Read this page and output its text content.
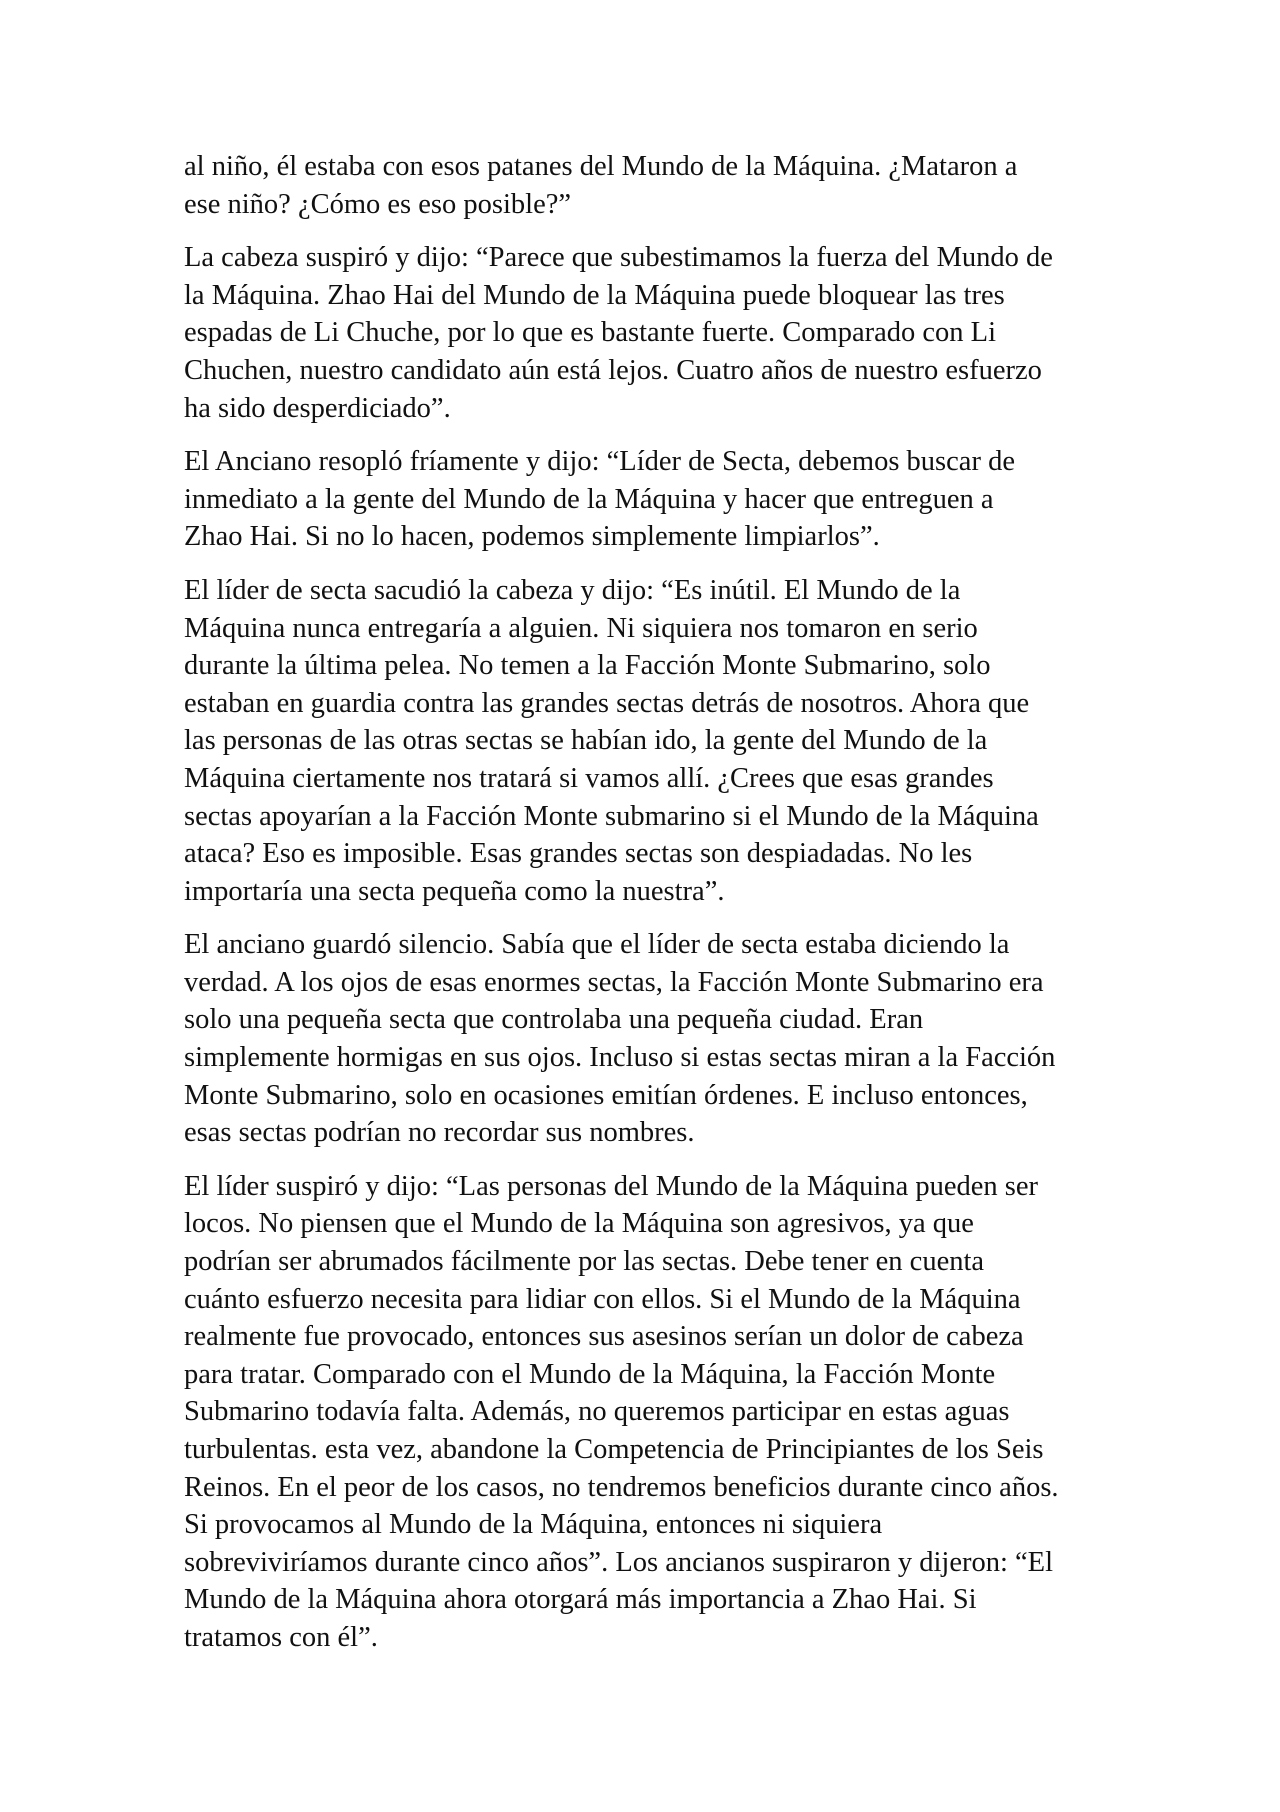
al niño, él estaba con esos patanes del Mundo de la Máquina. ¿Mataron a
ese niño? ¿Cómo es eso posible?”

La cabeza suspiró y dijo: “Parece que subestimamos la fuerza del Mundo de
la Máquina. Zhao Hai del Mundo de la Máquina puede bloquear las tres
espadas de Li Chuche, por lo que es bastante fuerte. Comparado con Li
Chuchen, nuestro candidato aún está lejos. Cuatro años de nuestro esfuerzo
ha sido desperdiciado”.

El Anciano resopló fríamente y dijo: “Líder de Secta, debemos buscar de
inmediato a la gente del Mundo de la Máquina y hacer que entreguen a
Zhao Hai. Si no lo hacen, podemos simplemente limpiarlos”.

El líder de secta sacudió la cabeza y dijo: “Es inútil. El Mundo de la
Máquina nunca entregaría a alguien. Ni siquiera nos tomaron en serio
durante la última pelea. No temen a la Facción Monte Submarino, solo
estaban en guardia contra las grandes sectas detrás de nosotros. Ahora que
las personas de las otras sectas se habían ido, la gente del Mundo de la
Máquina ciertamente nos tratará si vamos allí. ¿Crees que esas grandes
sectas apoyarían a la Facción Monte submarino si el Mundo de la Máquina
ataca? Eso es imposible. Esas grandes sectas son despiadadas. No les
importaría una secta pequeña como la nuestra”.

El anciano guardó silencio. Sabía que el líder de secta estaba diciendo la
verdad. A los ojos de esas enormes sectas, la Facción Monte Submarino era
solo una pequeña secta que controlaba una pequeña ciudad. Eran
simplemente hormigas en sus ojos. Incluso si estas sectas miran a la Facción
Monte Submarino, solo en ocasiones emitían órdenes. E incluso entonces,
esas sectas podrían no recordar sus nombres.

El líder suspiró y dijo: “Las personas del Mundo de la Máquina pueden ser
locos. No piensen que el Mundo de la Máquina son agresivos, ya que
podrían ser abrumados fácilmente por las sectas. Debe tener en cuenta
cuánto esfuerzo necesita para lidiar con ellos. Si el Mundo de la Máquina
realmente fue provocado, entonces sus asesinos serían un dolor de cabeza
para tratar. Comparado con el Mundo de la Máquina, la Facción Monte
Submarino todavía falta. Además, no queremos participar en estas aguas
turbulentas. esta vez, abandone la Competencia de Principiantes de los Seis
Reinos. En el peor de los casos, no tendremos beneficios durante cinco años.
Si provocamos al Mundo de la Máquina, entonces ni siquiera
sobreviviríamos durante cinco años”. Los ancianos suspiraron y dijeron: “El
Mundo de la Máquina ahora otorgará más importancia a Zhao Hai. Si
tratamos con él”.
